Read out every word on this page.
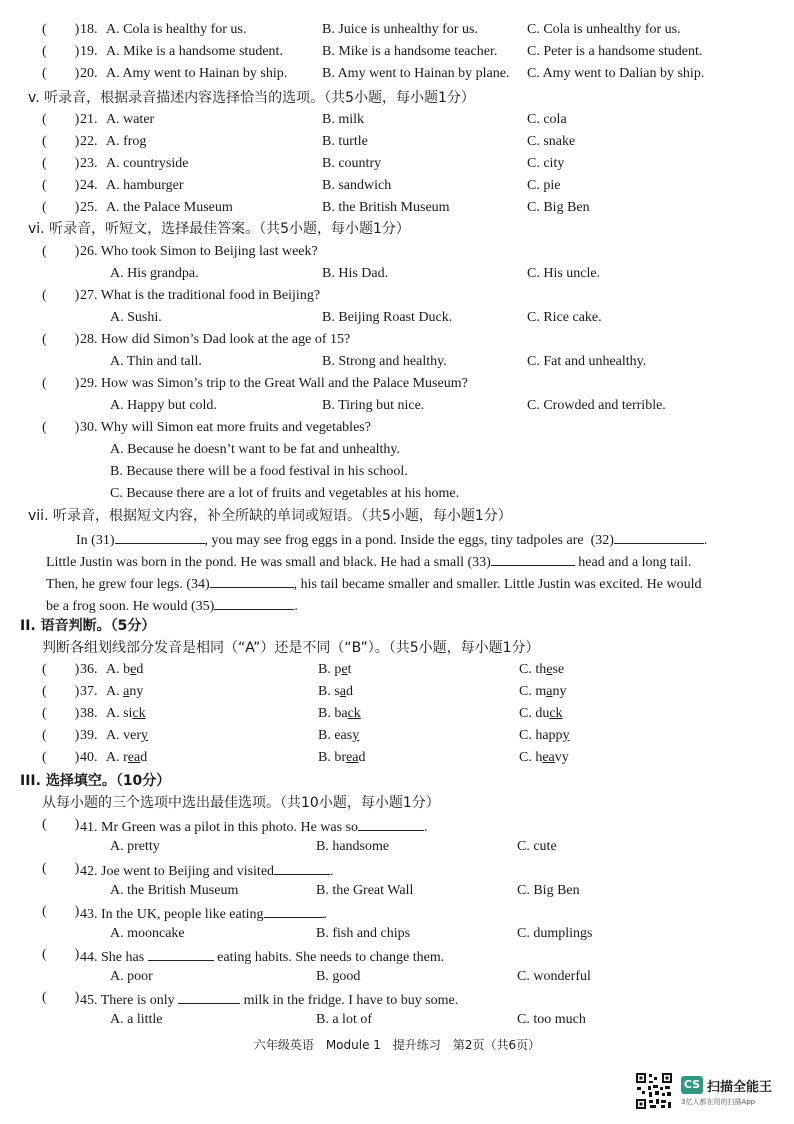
( ) 18. A. Cola is healthy for us.	B. Juice is unhealthy for us.	C. Cola is unhealthy for us.
( ) 19. A. Mike is a handsome student.	B. Mike is a handsome teacher. C. Peter is a handsome student.
( ) 20. A. Amy went to Hainan by ship. B. Amy went to Hainan by plane. C. Amy went to Dalian by ship.
v. 听录音，根据录音描述内容选择恰当的选项。（共5小题，每小题1分）
( ) 21. A. water	B. milk	C. cola
( ) 22. A. frog	B. turtle	C. snake
( ) 23. A. countryside	B. country	C. city
( ) 24. A. hamburger	B. sandwich	C. pie
( ) 25. A. the Palace Museum	B. the British Museum	C. Big Ben
vi. 听录音，听短文，选择最佳答案。（共5小题，每小题1分）
( ) 26. Who took Simon to Beijing last week?
A. His grandpa.	B. His Dad.	C. His uncle.
( ) 27. What is the traditional food in Beijing?
A. Sushi.	B. Beijing Roast Duck.	C. Rice cake.
( ) 28. How did Simon’s Dad look at the age of 15?
A. Thin and tall.	B. Strong and healthy.	C. Fat and unhealthy.
( ) 29. How was Simon’s trip to the Great Wall and the Palace Museum?
A. Happy but cold.	B. Tiring but nice.	C. Crowded and terrible.
( ) 30. Why will Simon eat more fruits and vegetables?
A. Because he doesn’t want to be fat and unhealthy.
B. Because there will be a food festival in his school.
C. Because there are a lot of fruits and vegetables at his home.
vii. 听录音，根据短文内容，补全所缺的单词或短语。（共5小题，每小题1分）
In (31)	, you may see frog eggs in a pond. Inside the eggs, tiny tadpoles are (32)	.
Little Justin was born in the pond. He was small and black. He had a small (33)	head and a long tail.
Then, he grew four legs. (34)	, his tail became smaller and smaller. Little Justin was excited. He would
be a frog soon. He would (35)	.
II. 语音判断。（5分）
判断各组划线部分发音是相同（“A”）还是不同（“B”）。（共5小题，每小题1分）
( ) 36. A. bed	B. pet	C. these
( ) 37. A. any	B. sad	C. many
( ) 38. A. sick	B. back	C. duck
( ) 39. A. very	B. easy	C. happy
( ) 40. A. read	B. bread	C. heavy
III. 选择填空。（10分）
从每小题的三个选项中选出最佳选项。（共10小题，每小题1分）
( ) 41. Mr Green was a pilot in this photo. He was so	.
A. pretty	B. handsome	C. cute
( ) 42. Joe went to Beijing and visited	.
A. the British Museum	B. the Great Wall	C. Big Ben
( ) 43. In the UK, people like eating	.
A. mooncake	B. fish and chips	C. dumplings
( ) 44. She has	eating habits. She needs to change them.
A. poor	B. good	C. wonderful
( ) 45. There is only	milk in the fridge. I have to buy some.
A. a little	B. a lot of	C. too much
六年级英语　Module 1　提升练习　第2页（共6页）
CS 扫描全能王
3亿人都在用的扫描App
